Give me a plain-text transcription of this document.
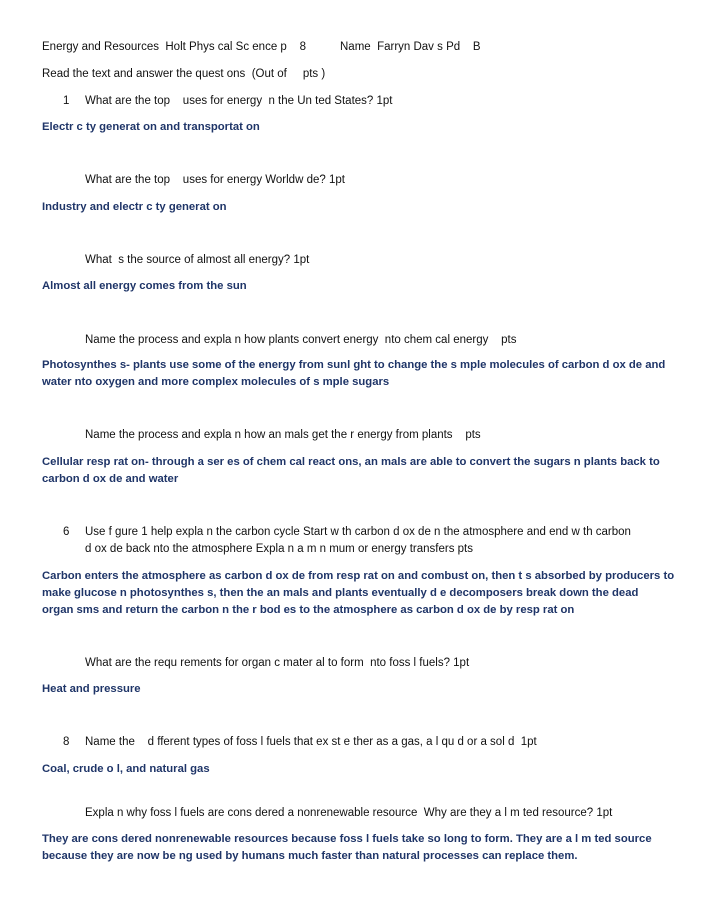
Energy and Resources  Holt Phys cal Sc ence p    8	Name  Farryn Dav s Pd    B
Read the text and answer the quest ons  (Out of     pts )
1 What are the top    uses for energy  n the Un ted States? 1pt
Electr c ty generat on and transportat on
What are the top    uses for energy Worldw de? 1pt
Industry and electr c ty generat on
What  s the source of almost all energy? 1pt
Almost all energy comes from the sun
Name the process and expla n how plants convert energy  nto chem cal energy    pts
Photosynthes s- plants use some of the energy from sunl ght to change the s mple molecules of carbon d ox de and
water nto oxygen and more complex molecules of s mple sugars
Name the process and expla n how an mals get the r energy from plants    pts
Cellular resp rat on- through a ser es of chem cal react ons, an mals are able to convert the sugars n plants back to
carbon d ox de and water
6 Use f gure 1 help expla n the carbon cycle Start w th carbon d ox de n the atmosphere and end w th carbon
d ox de back nto the atmosphere Expla n a m n mum or energy transfers pts
Carbon enters the atmosphere as carbon d ox de from resp rat on and combust on, then t s absorbed by producers to
make glucose n photosynthes s, then the an mals and plants eventually d e decomposers break down the dead
organ sms and return the carbon n the r bod es to the atmosphere as carbon d ox de by resp rat on
What are the requ rements for organ c mater al to form  nto foss l fuels? 1pt
Heat and pressure
8 Name the    d fferent types of foss l fuels that ex st e ther as a gas, a l qu d or a sol d  1pt
Coal, crude o l, and natural gas
Expla n why foss l fuels are cons dered a nonrenewable resource  Why are they a l m ted resource? 1pt
They are cons dered nonrenewable resources because foss l fuels take so long to form. They are a l m ted source
because they are now be ng used by humans much faster than natural processes can replace them.
